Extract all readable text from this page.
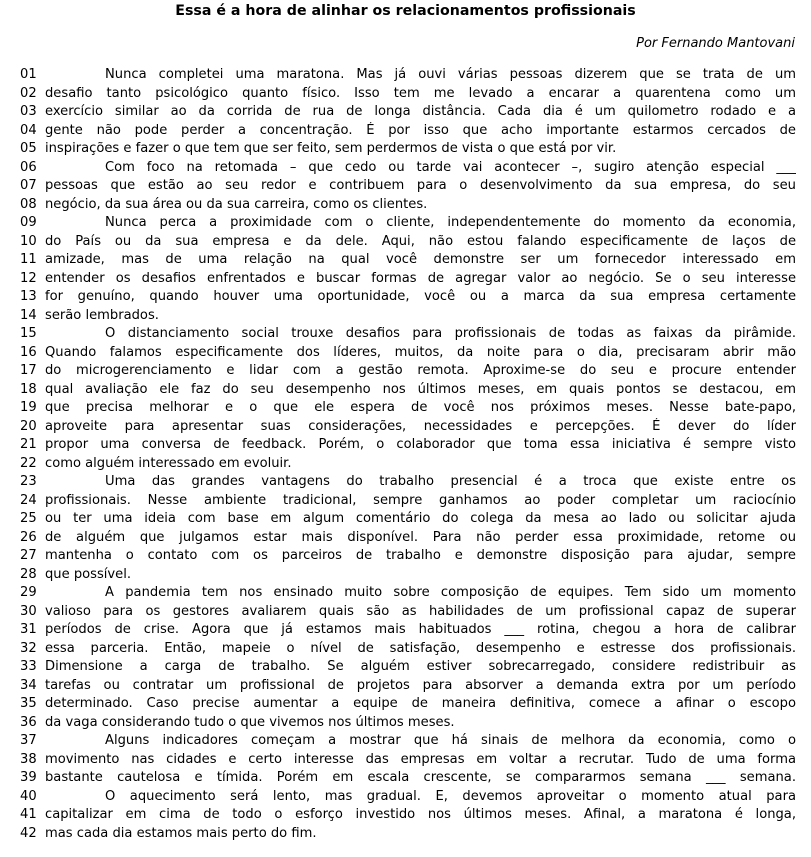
Essa é a hora de alinhar os relacionamentos profissionais
Por Fernando Mantovani
01	Nunca completei uma maratona. Mas já ouvi várias pessoas dizerem que se trata de um
02 desafio tanto psicológico quanto físico. Isso tem me levado a encarar a quarentena como um
03 exercício similar ao da corrida de rua de longa distância. Cada dia é um quilometro rodado e a
04 gente não pode perder a concentração. É por isso que acho importante estarmos cercados de
05 inspirações e fazer o que tem que ser feito, sem perdermos de vista o que está por vir.
06	Com foco na retomada – que cedo ou tarde vai acontecer –, sugiro atenção especial ___
07 pessoas que estão ao seu redor e contribuem para o desenvolvimento da sua empresa, do seu
08 negócio, da sua área ou da sua carreira, como os clientes.
09	Nunca perca a proximidade com o cliente, independentemente do momento da economia,
10 do País ou da sua empresa e da dele. Aqui, não estou falando especificamente de laços de
11 amizade, mas de uma relação na qual você demonstre ser um fornecedor interessado em
12 entender os desafios enfrentados e buscar formas de agregar valor ao negócio. Se o seu interesse
13 for genuíno, quando houver uma oportunidade, você ou a marca da sua empresa certamente
14 serão lembrados.
15	O distanciamento social trouxe desafios para profissionais de todas as faixas da pirâmide.
16 Quando falamos especificamente dos líderes, muitos, da noite para o dia, precisaram abrir mão
17 do microgerenciamento e lidar com a gestão remota. Aproxime-se do seu e procure entender
18 qual avaliação ele faz do seu desempenho nos últimos meses, em quais pontos se destacou, em
19 que precisa melhorar e o que ele espera de você nos próximos meses. Nesse bate-papo,
20 aproveite para apresentar suas considerações, necessidades e percepções. É dever do líder
21 propor uma conversa de feedback. Porém, o colaborador que toma essa iniciativa é sempre visto
22 como alguém interessado em evoluir.
23	Uma das grandes vantagens do trabalho presencial é a troca que existe entre os
24 profissionais. Nesse ambiente tradicional, sempre ganhamos ao poder completar um raciocínio
25 ou ter uma ideia com base em algum comentário do colega da mesa ao lado ou solicitar ajuda
26 de alguém que julgamos estar mais disponível. Para não perder essa proximidade, retome ou
27 mantenha o contato com os parceiros de trabalho e demonstre disposição para ajudar, sempre
28 que possível.
29	A pandemia tem nos ensinado muito sobre composição de equipes. Tem sido um momento
30 valioso para os gestores avaliarem quais são as habilidades de um profissional capaz de superar
31 períodos de crise. Agora que já estamos mais habituados ___ rotina, chegou a hora de calibrar
32 essa parceria. Então, mapeie o nível de satisfação, desempenho e estresse dos profissionais.
33 Dimensione a carga de trabalho. Se alguém estiver sobrecarregado, considere redistribuir as
34 tarefas ou contratar um profissional de projetos para absorver a demanda extra por um período
35 determinado. Caso precise aumentar a equipe de maneira definitiva, comece a afinar o escopo
36 da vaga considerando tudo o que vivemos nos últimos meses.
37	Alguns indicadores começam a mostrar que há sinais de melhora da economia, como o
38 movimento nas cidades e certo interesse das empresas em voltar a recrutar. Tudo de uma forma
39 bastante cautelosa e tímida. Porém em escala crescente, se compararmos semana ___ semana.
40	O aquecimento será lento, mas gradual. E, devemos aproveitar o momento atual para
41 capitalizar em cima de todo o esforço investido nos últimos meses. Afinal, a maratona é longa,
42 mas cada dia estamos mais perto do fim.
